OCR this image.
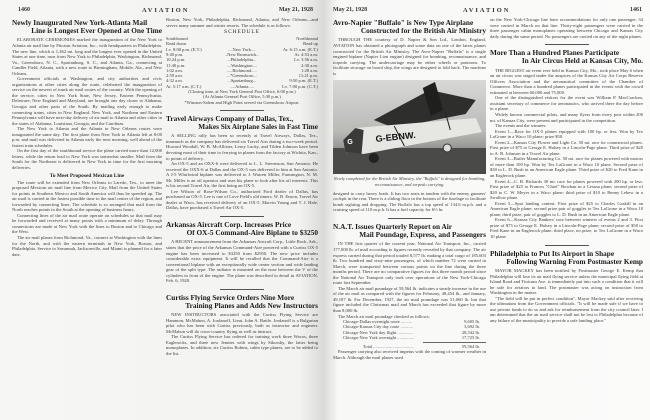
1460	AVIATION	May 21, 1928
Newly Inaugurated New York-Atlanta Mail
Line is Longest Ever Opened at One Time

ELABORATE CEREMONIES marked the inauguration of the New York to Atlanta air mail line by Pitcairn Aviation, Inc., with headquarters in Philadelphia. The new line, which is 1,262 mi. long and the longest ever opened in the United States at one time, runs from New York to Philadelphia, Washington, Richmond, Va., Greensboro, N. C., Spartanburg, S. C., and Atlanta, Ga., connecting at Candler Field, Atlanta, with a new route to Birmingham, Mobile, Ala., and New Orleans.

Government officials at Washington, and city authorities and civic organizations at other cities along the route, celebrated the inauguration of service on the newest of trunk air mail routes of the country. With the opening of the service, cities in New York State, New Jersey, Eastern Pennsylvania, Delaware, New England and Maryland, are brought one day closer to Alabama, Georgia and other parts of the South. By mailing early enough to make connecting trains, cities in New England, New York, and Northern and Eastern Pennsylvania will have next-day delivery of air mail to Atlanta and other cities in the states of Alabama, Louisiana, Georgia, and the Carolinas.

The New York to Atlanta and the Atlanta to New Orleans routes were inaugurated the same day. The first plane from New York to Atlanta left at 8:00 p.m. and mail was delivered in Atlanta early the next morning, well ahead of the fastest train schedules.

On the first day of the southbound service the plane carried more than 12,000 letters, while the return load to New York was somewhat smaller. Mail from the South for the Northeast is delivered in New York in time for the first morning deliveries.

To Meet Proposed Mexican Line

The route will be extended from New Orleans to Laredo, Tex., to meet the proposed Mexican air mail line from Mexico City. Mail from the United States for points in Southern Mexico and South America will thus be speeded up. The air mail is carried in the fastest possible time to the mail center of the region, and forwarded by connecting lines. The schedule is so arranged that mail from the North reaches points in the South at the opening of business hours.

Connecting lines of the air mail route operate on schedules so that mail may be forwarded and received at many points with a minimum of delay. Through connections are made at New York with the lines to Boston and to Chicago and the West.

The air mail planes from Richmond, Va., connect at Washington with the lines for the North, and with the eastern terminals in New York, Boston, and Philadelphia. Service to Savannah, Jacksonville, and Miami is planned for a later date.

Boston, New York, Philadelphia, Richmond, Atlanta, and New Orleans—and serves many summer and winter resorts. The schedule is as follows:

SCHEDULE
Southbound		Northbound
Read down		Read up
Lv. 8:00 p.m. (E.T.)	....New York....	Ar. 6:15 a.m. (E.T.)
9:40 p.m.	..New Brunswick..	Ar. 4:53 a.m.
10:24 p.m.	...Philadelphia...	Lv. 3:56 a.m.
11:40 p.m.	....Washington....	2:30 a.m.
1:02 a.m.	.....Richmond.....	1:28 a.m.
2:59 a.m.	...*Greensboro...	11:21 p.m.
4:32 a.m.	...Spartanburg...	9:50 p.m. (E.T.)
Ar. 5:17 a.m. (C.T.)	.....Atlanta.....	Lv. 7:00 p.m. (C.T.)
(Closing time, at New York General Post Office, 6:00 p.m.)
(At Atlanta General Post Office, 5:30 p.m.)
*Winston-Salem and High Point served via Greensboro Airport.
Travel Airways Company of Dallas, Tex.,
Makes Six Airplane Sales in Fast Time

A SELLING rally has been so recently at Travel Airways, Dallas, Tex., inasmuch as the company has delivered six Travel Airs during a two-week period. Howard Woodall, W. B. McAllister, Leroy Lucky, and Tilden Johnson have been devoting most of their time to ferrying in planes from the factory at Wichita, Kan., to points of delivery.

An OX-5 and an OXX-6 were delivered to L. L. Stevenson, San Antonio. He received the OXX-6 at Dallas and the OX-5 was delivered to him at San Antonio. A J-5 Whirlwind biplane was delivered to J. Warren Miller, Farmington, N. M. Mr. Miller is an oil operator and uses his plane to look after his oil interests. This is his second Travel Air, the first being an OX-5.

Lee Wilson of Rose-Wilson Co., authorized Ford dealer of Dallas, has purchased an OX-5. Lee is one of Love Field's old timers. W. B. Enson, Travel Air dealer at Waco, has received delivery of an OX-5. Marvin Young and T. J. Hale, Dallas, have purchased a Travel Air OX-5.

Arkansas Aircraft Corp. Increases Price
Of OX-5 Command-Aire Biplane to $3250

A RECENT announcement from the Arkansas Aircraft Corp., Little Rock, Ark., states that the price of the Arkansas Command-Aire powered with a Curtiss OX-5 engine has been increased to $3250 from $2950. The new price includes considerable extra equipment. It will be recalled that the Command-Aire is a conventional biplane with an exceptionally wide center section and wide landing gear of the split type. The radiator is mounted on the nose between the V of the cylinders in front of the engine. The plane was described in detail in AVIATION, Feb. 6, 1928.

Curtiss Flying Service Orders Nine More
Training Planes and Adds New Instructors

NEW INSTRUCTORS associated with the Curtiss Flying Service are Hammon, McMahon, A. Jordanoff, Lieut. John A. Battle. Jordanoff is a Bulgarian pilot who has been with Curtiss previously, both as instructor and engineer. McMahon will do cross-country flying as well as instruct.

The Curtiss Flying Service has ordered for training work three Wacos, three Eaglerocks, and three new Jennies with wings by Sikorsky, the latter being monoplanes. In addition, six Curtiss Robins, cabin type planes, are to be added to the list.

May 21, 1928	AVIATION	1461
Avro-Napier "Buffalo" is New Type Airplane
Constructed for the British Air Ministry

THROUGH THE courtesy of D. Napier & Son Ltd., London, England, AVIATION has obtained a photograph and some data on one of the latest planes constructed for the British Air Ministry. The Avro-Napier "Buffalo" is a single engined biplane (Napier Lion engine) designed for bombing, reconnaissance, and torpedo carrying. The undercarriage may be either wheels or pontoons. To facilitate stowage on board ship, the wings are designed to fold back. The machine is

G G-EBNW.
Newly completed for the British Air Ministry, the "Buffalo" is designed for bombing, reconnaissance, and torpedo carrying.

designed to carry heavy loads. It has two seats in tandem with the enemy gunners' cockpit in the rear. There is a sliding floor in the bottom of the fuselage to facilitate bomb sighting and dropping. The Buffalo has a top speed of 134.6 m.p.h. and a cruising speed of 110 m.p.h. It has a fuel capacity for 6½ hr.

N.A.T. Issues Quarterly Report on Air
Mail Poundage, Express, and Passengers

IN THE first quarter of the current year, National Air Transport, Inc., carried 177,000 lb. of mail according to figures recently revealed by that company. The air express carried during that period totaled 8,577 lb. making a total cargo of 185,603 lb. Two hundred and sixty-nine passengers, of which number 72 were carried in March, were transported between various points on the line during the three months period. There are no comparative figures for this three month period since the National Air Transport only took over operations of the New York-Chicago route last September.

The March air mail poundage of 59,564 lb. indicates a steady increase in the use of the air mail as compared with the figures for February, 48,454 lb., and January, 49,187 lb. For December, 1927, the air mail poundage was 51,060 lb. but that figure included the Christmas mail and March has exceeded that figure by more than 8,000 lb.

The March air mail poundage checked as follows:

Chicago-Dallas overnight route ..........	9,605 lb.
Chicago-Kansas City day route ...........	3,692 lb.
Chicago-New York day flight ..............	28,542 lb.
Chicago-New York overnight ...............	17,725 lb.
Total ....................................	59,564 lb.

Passenger carrying also received impetus with the coming of warmer weather in March. Although the mail planes used

on the New York-Chicago line have accommodations for only one passenger, 34 were carried in March on that line. Thirty-eight passengers were carried in the three passenger cabin monoplanes operating between Chicago and Kansas City daily during the same period. No passengers are carried on any of the night planes.

More Than a Hundred Planes Participate
In Air Circus Held at Kansas City, Mo.

THE BIGGEST air event ever held in Kansas City, Mo., took place May 6 when an air circus was staged under the auspices of the Kansas City Air Corps Reserve Officers Association and the aeronautical committee of the Chamber of Commerce. More than a hundred planes participated in the events with the crowd estimated at between 60,000 and 75,000.

One of the distinguished visitors for the event was William P. MacCracken, assistant secretary of commerce for aeronautics, who arrived there the day before in a plane.

Widely known commercial pilots, and many flyers from every post within 200 mi. of Kansas City, were present and participated in the competition.

The events and the winners:

Event 1—Race for OX-5 planes equipped with 100 hp. or less. Won by Tex LaGrone in a Waco 10 plane; prize $50.

Event 2—Kansas City Flower and Light Co. 50 mi. race for commercial planes. First prize of $75 to George E. Halsey in a Lincoln-Page plane. Third prize of $20 to A. B. Johnson in a Travel Air plane.

Event 3—Butler Manufacturing Co. 50 mi. race for planes powered with motors of more than 100 hp. Won by Tex LaGrone in a Waco 10 plane. Second prize of $30 to L. D. Bush in an American Eagle plane. Third prize of $20 to Fred Kane in an Eaglerock plane.

Event 4—C. B. Richards 30 mi. race for planes powered with 200 hp. or less. First prize of $25 to Frances "Chief" Bowhan in a Cessna plane; second prize of $20 to C. W. Meyer in a Waco plane; third prize of $10 to Benny Lehew in a Swallow plane.

Event 5—Spot landing contest. First prize of $25 to Charles Gaskill in an American Eagle plane; second prize pair of goggles to Tex LaGrone in a Waco 10 plane; third prize, pair of goggles to L. D. Bush in an American Eagle plane.

Event 6—Kansas City Bankers' race between winners of events 2 and 3. First prize of $75 to George E. Halsey in a Lincoln-Page plane; second prize of $50 to Fred Kane in an Eaglerock plane; third place, no prize, to Tex LaGrone in a Waco 10 plane.

Philadelphia to Put Its Airport in Shape
Following Warning From Postmaster Kemp

MAYOR MACKEY has been notified by Postmaster George E. Kemp that Philadelphia will lose its air mail flying service unless the municipal flying field at Island Road and Tinicum Ave. is immediately put into such a condition that it will be safe for aviators to land. The postmaster was acting on instruction from Washington in the matter.

"The field will be put in perfect condition", Mayor Mackey said after receiving the ultimatum from the Government officials. "It will be made safe if we have to use private funds to do so and ask for reimbursement from the city council later. I am determined that the air mail service shall not be lost to Philadelphia because of any failure of the municipality to provide a safe landing place."
